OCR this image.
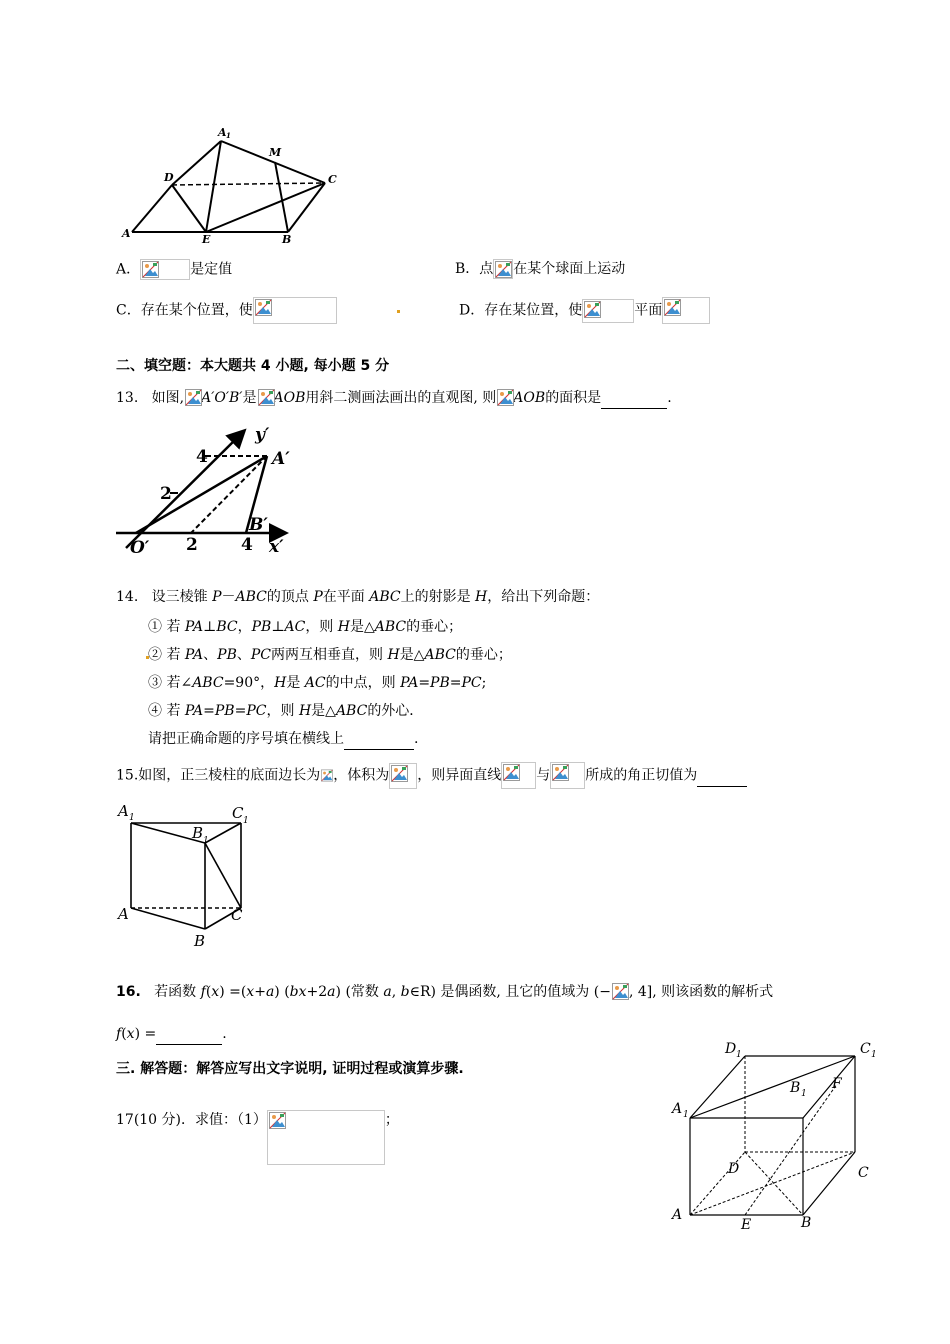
A 1
M
D	C
A	E	B
A．	是定值	B．点 在某个球面上运动
C．存在某个位置，使	D．存在某位置，使	平面
二、填空题：本大题共 4 小题, 每小题 5 分
13. 如图, A′O′B′是 AOB用斜二测画法画出的直观图, 则 AOB的面积是	.
y′
A′
B′
O′	x′
4
2
2	4
14. 设三棱锥 P－ABC的顶点 P在平面 ABC上的射影是 H，给出下列命题：
① 若 PA⊥BC，PB⊥AC，则 H是△ABC的垂心；
② 若 PA、PB、PC两两互相垂直，则 H是△ABC的垂心；
③ 若∠ABC=90°，H是 AC的中点，则 PA=PB=PC;
④ 若 PA=PB=PC，则 H是△ABC的外心．
请把正确命题的序号填在横线上	.
15.如图，正三棱柱的底面边长为 ，体积为 ，则异面直线	与	所成的角正切值为
A 1	C 1
B 1
A	C
B
16. 若函数 f(x) =(x+a) (bx+2a) (常数 a, b∈R) 是偶函数, 且它的值域为 (− , 4], 则该函数的解析式
f(x) =	.
三. 解答题：解答应写出文字说明, 证明过程或演算步骤.
17(10 分)．求值：（1）	；
D 1	C 1
A 1
B 1
F
D	C
A
E	B
